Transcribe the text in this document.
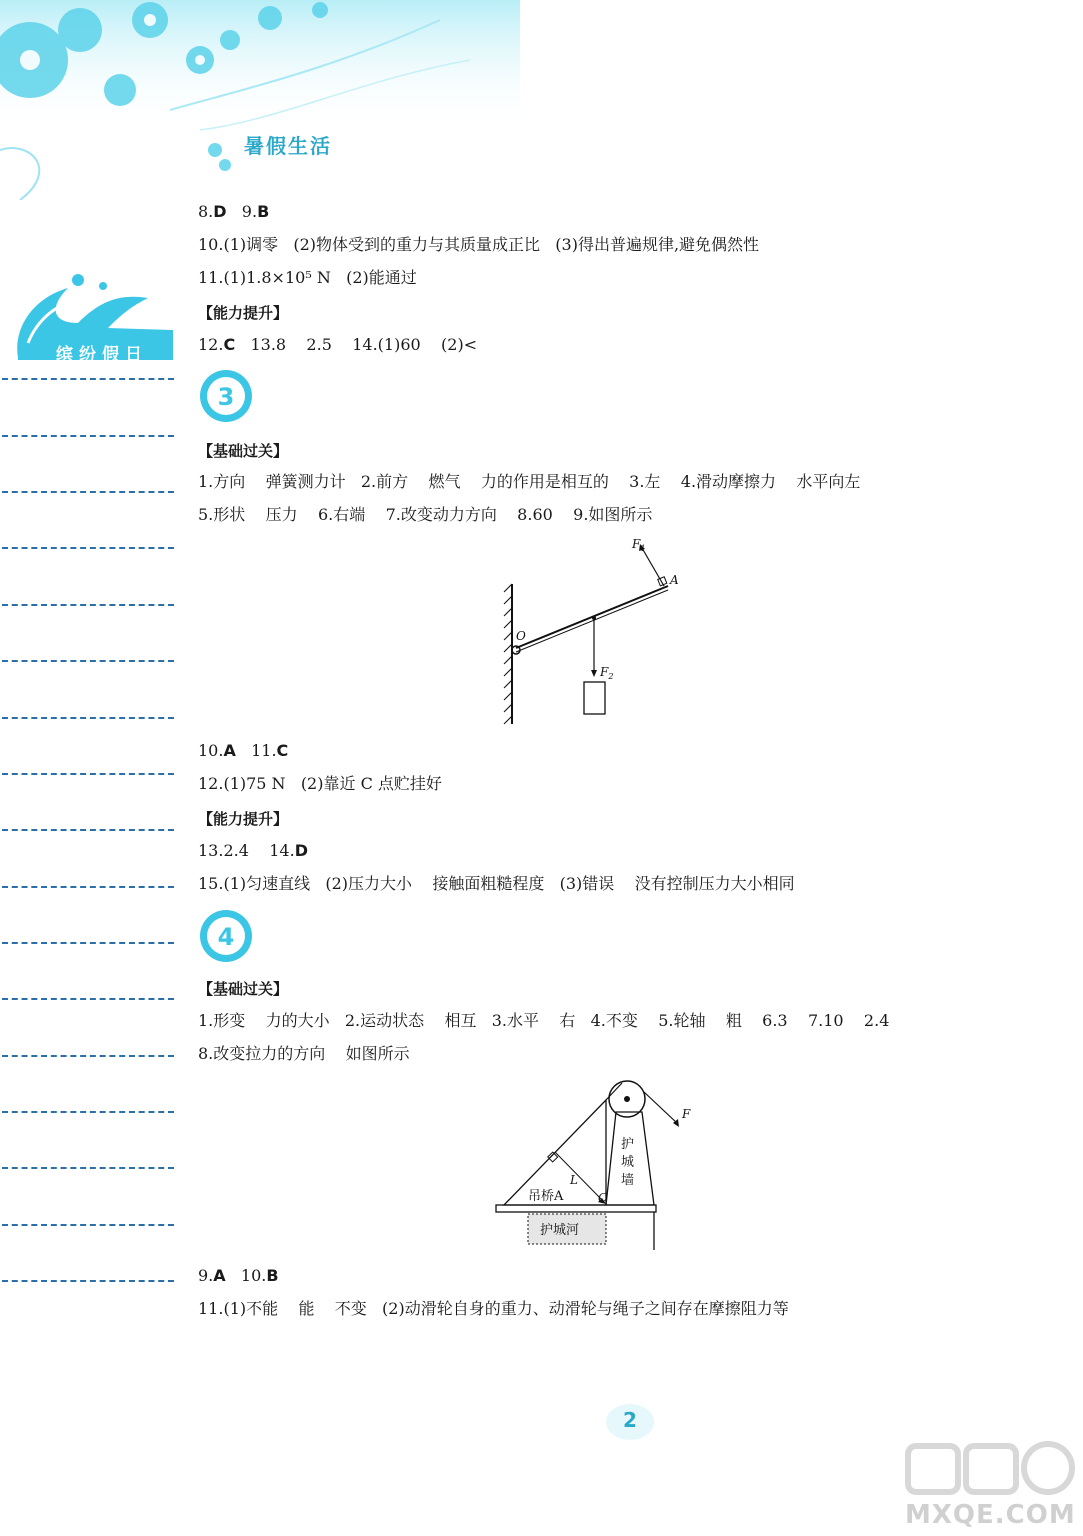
暑假生活
缤纷假日
8.D   9.B
10.(1)调零   (2)物体受到的重力与其质量成正比   (3)得出普遍规律,避免偶然性
11.(1)1.8×10⁵ N   (2)能通过
【能力提升】
12.C   13.8    2.5    14.(1)60    (2)<
3
【基础过关】
1.方向    弹簧测力计   2.前方    燃气    力的作用是相互的    3.左    4.滑动摩擦力    水平向左
5.形状    压力    6.右端    7.改变动力方向    8.60    9.如图所示
$F_1$
A
O
$F_2$
10.A   11.C
12.(1)75 N   (2)靠近 C 点贮挂好
【能力提升】
13.2.4    14.D
15.(1)匀速直线   (2)压力大小    接触面粗糙程度   (3)错误    没有控制压力大小相同
4
【基础过关】
1.形变    力的大小   2.运动状态    相互   3.水平    右   4.不变    5.轮轴    粗    6.3    7.10    2.4
8.改变拉力的方向    如图所示
F
L
吊桥A	C
护
城
墙
护城河
9.A   10.B
11.(1)不能    能    不变   (2)动滑轮自身的重力、动滑轮与绳子之间存在摩擦阻力等
2
MXQE.COM
